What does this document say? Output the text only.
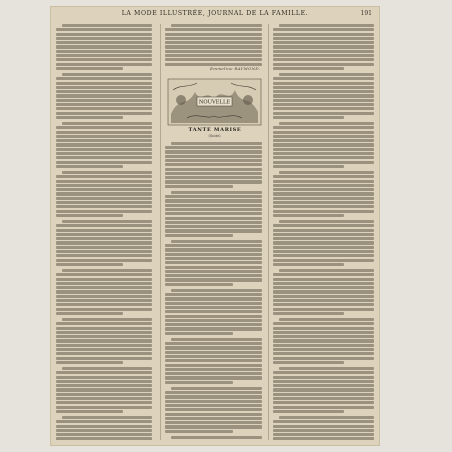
LA MODE ILLUSTRÉE, JOURNAL DE LA FAMILLE.	191
Emmeline RAYMOND.
NOUVELLE
TANTE MARISE
(Suite).
